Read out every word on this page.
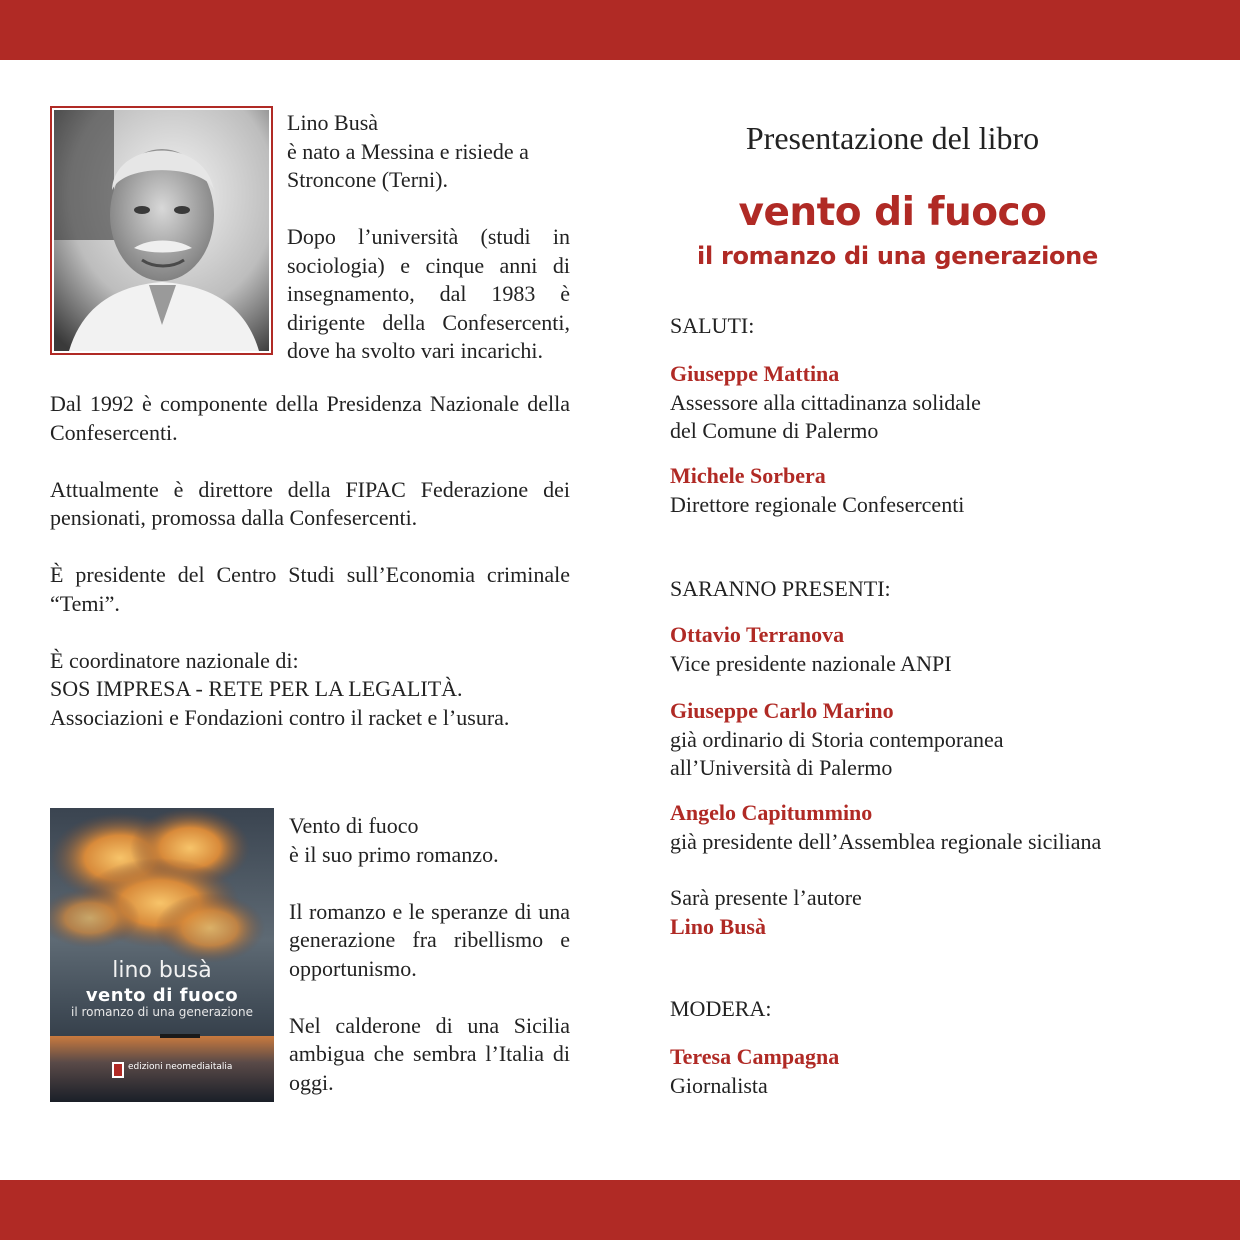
Lino Busà
è nato a Messina e risiede a
Stroncone (Terni).

Dopo l’università (studi in sociologia) e cinque anni di insegnamento, dal 1983 è dirigente della Confesercenti, dove ha svolto vari incarichi.

Dal 1992 è componente della Presidenza Nazionale della Confesercenti.

Attualmente è direttore della FIPAC Federazione dei pensionati, promossa dalla Confesercenti.

È presidente del Centro Studi sull’Economia criminale “Temi”.

È coordinatore nazionale di:
SOS IMPRESA - RETE PER LA LEGALITÀ.
Associazioni e Fondazioni contro il racket e l’usura.
lino busà
vento di fuoco
il romanzo di una generazione
edizioni neomediaitalia
Vento di fuoco
è il suo primo romanzo.

Il romanzo e le speranze di una generazione fra ribellismo e opportunismo.

Nel calderone di una Sicilia ambigua che sembra l’Italia di oggi.

Presentazione del libro
vento di fuoco
il romanzo di una generazione
SALUTI:
Giuseppe Mattina
Assessore alla cittadinanza solidale
del Comune di Palermo
Michele Sorbera
Direttore regionale Confesercenti
SARANNO PRESENTI:
Ottavio Terranova
Vice presidente nazionale ANPI
Giuseppe Carlo Marino
già ordinario di Storia contemporanea
all’Università di Palermo
Angelo Capitummino
già presidente dell’Assemblea regionale siciliana
Sarà presente l’autore
Lino Busà
MODERA:
Teresa Campagna
Giornalista
